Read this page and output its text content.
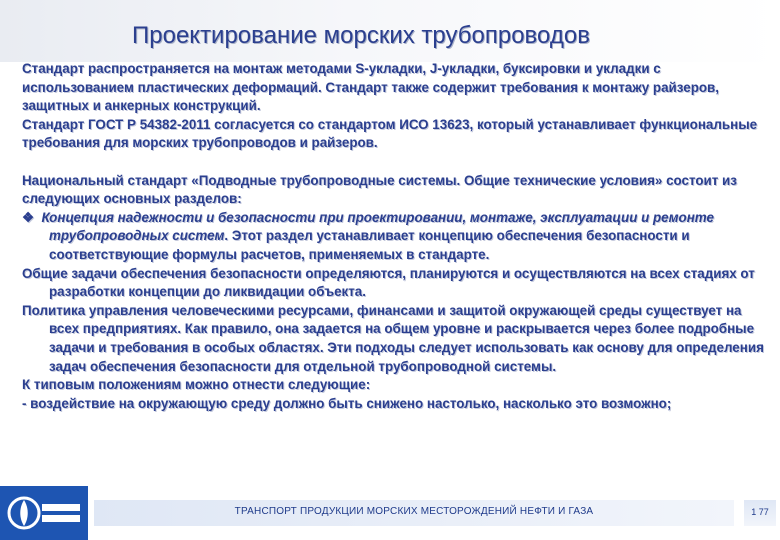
Проектирование морских трубопроводов

Стандарт распространяется на монтаж методами S-укладки, J-укладки, буксировки и укладки с использованием пластических деформаций. Стандарт также содержит требования к монтажу райзеров, защитных и анкерных конструкций.

Стандарт ГОСТ Р 54382-2011 согласуется со стандартом ИСО 13623, который устанавливает функциональные требования для морских трубопроводов и райзеров.

Национальный стандарт «Подводные трубопроводные системы. Общие технические условия» состоит из следующих основных разделов:

❖  Концепция надежности и безопасности при проектировании, монтаже, эксплуатации и ремонте трубопроводных систем. Этот раздел устанавливает концепцию обеспечения безопасности и соответствующие формулы расчетов, применяемых в стандарте.

Общие задачи обеспечения безопасности определяются, планируются и осуществляются на всех стадиях от разработки концепции до ликвидации объекта.

Политика управления человеческими ресурсами, финансами и защитой окружающей среды существует на всех предприятиях. Как правило, она задается на общем уровне и раскрывается через более подробные задачи и требования в особых областях. Эти подходы следует использовать как основу для определения задач обеспечения безопасности для отдельной трубопроводной системы.

К типовым положениям можно отнести следующие:

- воздействие на окружающую среду должно быть снижено настолько, насколько это возможно;

ТРАНСПОРТ ПРОДУКЦИИ МОРСКИХ МЕСТОРОЖДЕНИЙ НЕФТИ И ГАЗА	1 77
